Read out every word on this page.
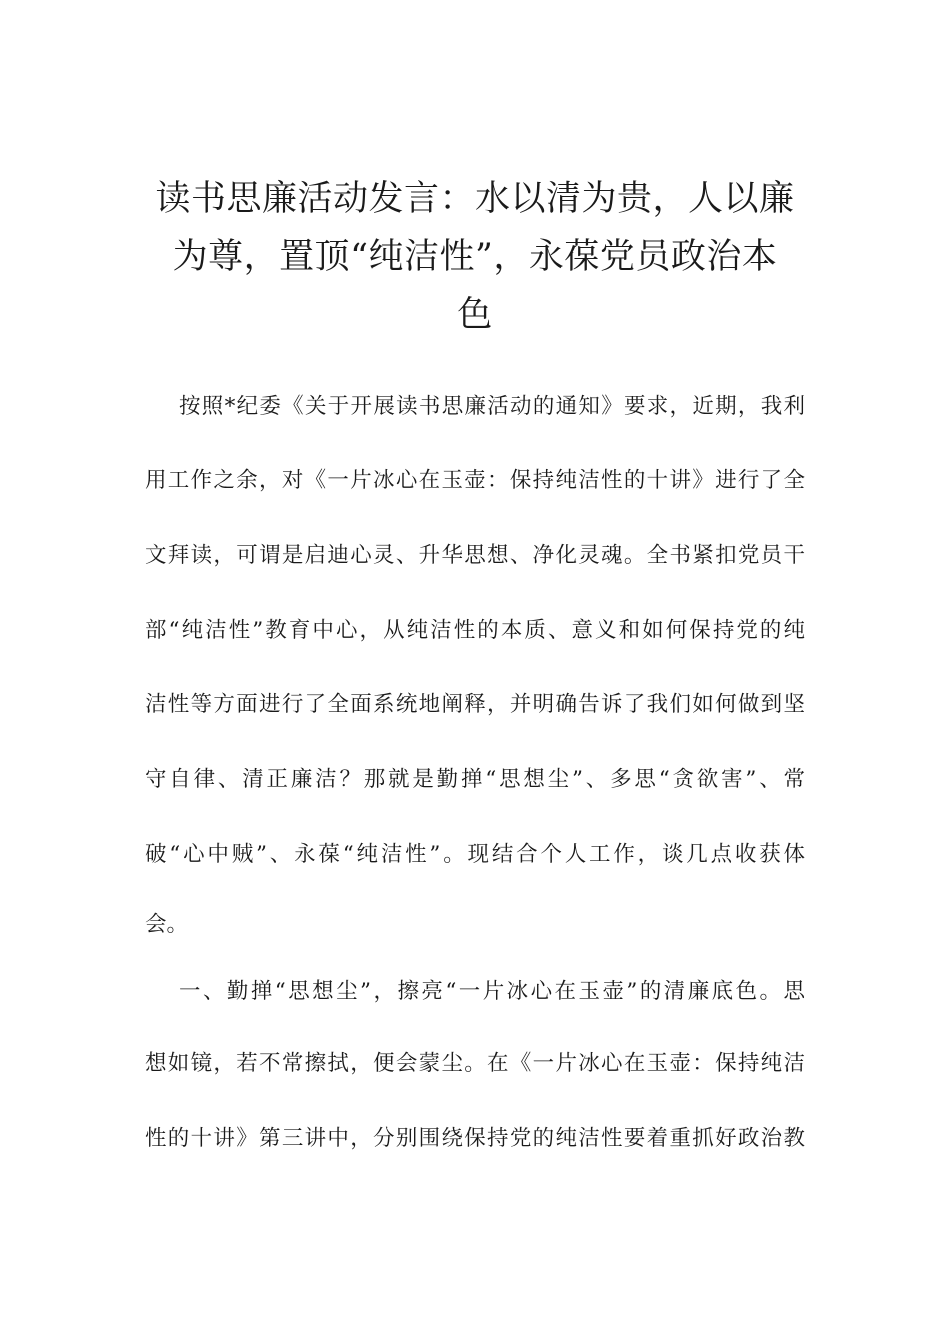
读书思廉活动发言：水以清为贵，人以廉
为尊，置顶“纯洁性”，永葆党员政治本
色
按照*纪委《关于开展读书思廉活动的通知》要求，近期，我利
用工作之余，对《一片冰心在玉壶：保持纯洁性的十讲》进行了全
文拜读，可谓是启迪心灵、升华思想、净化灵魂。全书紧扣党员干
部“纯洁性”教育中心，从纯洁性的本质、意义和如何保持党的纯
洁性等方面进行了全面系统地阐释，并明确告诉了我们如何做到坚
守自律、清正廉洁？那就是勤掸“思想尘”、多思“贪欲害”、常
破“心中贼”、永葆“纯洁性”。现结合个人工作，谈几点收获体
会。
一、勤掸“思想尘”，擦亮“一片冰心在玉壶”的清廉底色。思
想如镜，若不常擦拭，便会蒙尘。在《一片冰心在玉壶：保持纯洁
性的十讲》第三讲中，分别围绕保持党的纯洁性要着重抓好政治教
